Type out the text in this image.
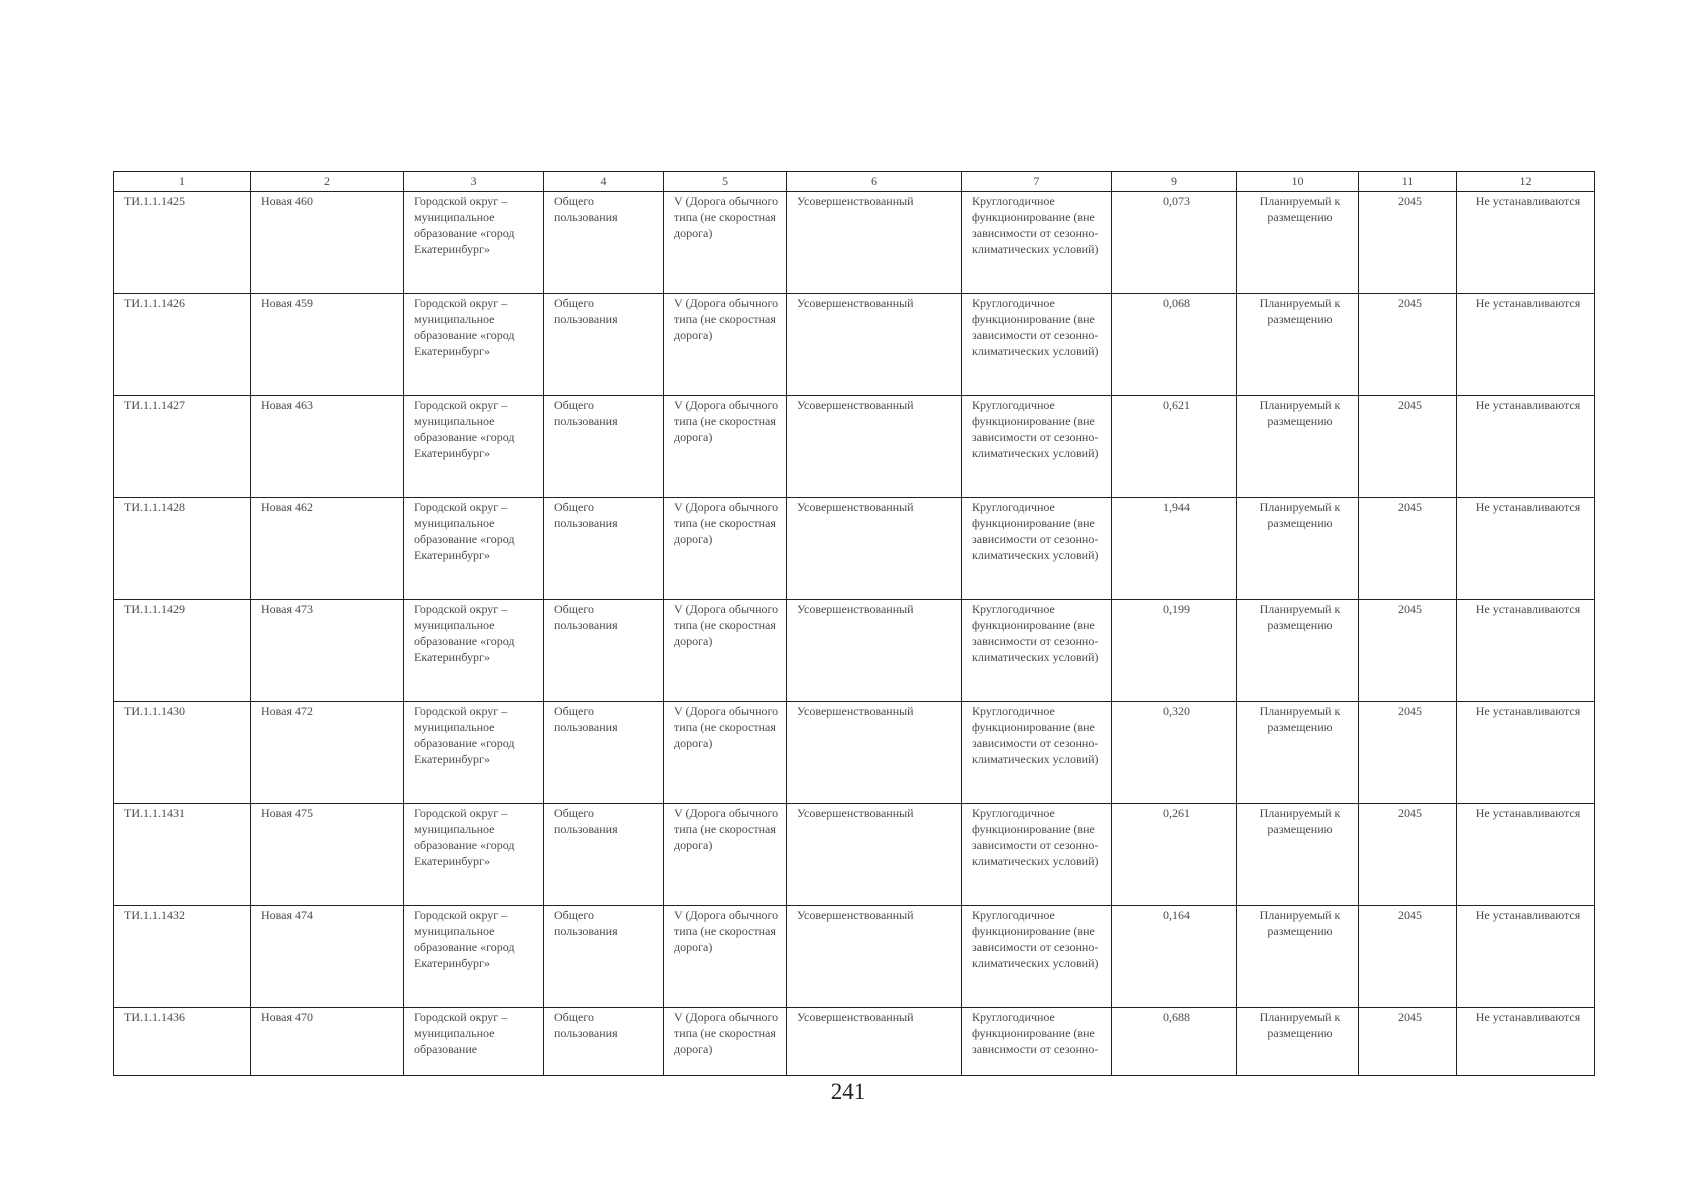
1	2	3	4	5	6	7	9	10	11	12

ТИ.1.1.1425	Новая 460	Городской округ – муниципальное образование «город Екатеринбург»	Общего пользования	V (Дорога обычного типа (не скоростная дорога)	Усовершенствованный	Круглогодичное функционирование (вне зависимости от сезонно-климатических условий)	0,073	Планируемый к размещению	2045	Не устанавливаются

ТИ.1.1.1426	Новая 459	Городской округ – муниципальное образование «город Екатеринбург»	Общего пользования	V (Дорога обычного типа (не скоростная дорога)	Усовершенствованный	Круглогодичное функционирование (вне зависимости от сезонно-климатических условий)	0,068	Планируемый к размещению	2045	Не устанавливаются

ТИ.1.1.1427	Новая 463	Городской округ – муниципальное образование «город Екатеринбург»	Общего пользования	V (Дорога обычного типа (не скоростная дорога)	Усовершенствованный	Круглогодичное функционирование (вне зависимости от сезонно-климатических условий)	0,621	Планируемый к размещению	2045	Не устанавливаются

ТИ.1.1.1428	Новая 462	Городской округ – муниципальное образование «город Екатеринбург»	Общего пользования	V (Дорога обычного типа (не скоростная дорога)	Усовершенствованный	Круглогодичное функционирование (вне зависимости от сезонно-климатических условий)	1,944	Планируемый к размещению	2045	Не устанавливаются

ТИ.1.1.1429	Новая 473	Городской округ – муниципальное образование «город Екатеринбург»	Общего пользования	V (Дорога обычного типа (не скоростная дорога)	Усовершенствованный	Круглогодичное функционирование (вне зависимости от сезонно-климатических условий)	0,199	Планируемый к размещению	2045	Не устанавливаются

ТИ.1.1.1430	Новая 472	Городской округ – муниципальное образование «город Екатеринбург»	Общего пользования	V (Дорога обычного типа (не скоростная дорога)	Усовершенствованный	Круглогодичное функционирование (вне зависимости от сезонно-климатических условий)	0,320	Планируемый к размещению	2045	Не устанавливаются

ТИ.1.1.1431	Новая 475	Городской округ – муниципальное образование «город Екатеринбург»	Общего пользования	V (Дорога обычного типа (не скоростная дорога)	Усовершенствованный	Круглогодичное функционирование (вне зависимости от сезонно-климатических условий)	0,261	Планируемый к размещению	2045	Не устанавливаются

ТИ.1.1.1432	Новая 474	Городской округ – муниципальное образование «город Екатеринбург»	Общего пользования	V (Дорога обычного типа (не скоростная дорога)	Усовершенствованный	Круглогодичное функционирование (вне зависимости от сезонно-климатических условий)	0,164	Планируемый к размещению	2045	Не устанавливаются

ТИ.1.1.1436	Новая 470	Городской округ – муниципальное образование	Общего пользования	V (Дорога обычного типа (не скоростная дорога)	Усовершенствованный	Круглогодичное функционирование (вне зависимости от сезонно-	0,688	Планируемый к размещению	2045	Не устанавливаются
241
